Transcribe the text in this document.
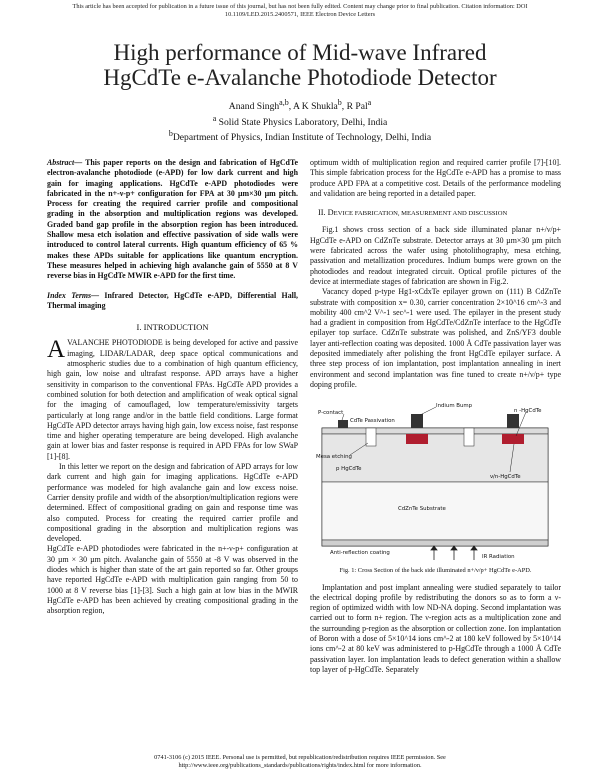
This article has been accepted for publication in a future issue of this journal, but has not been fully edited. Content may change prior to final publication. Citation information: DOI
10.1109/LED.2015.2400571, IEEE Electron Device Letters
High performance of Mid-wave Infrared
HgCdTe e-Avalanche Photodiode Detector
Anand Singh$^{a,b}$, A K Shukla$^b$, R Pal$^a$
$^a$ Solid State Physics Laboratory, Delhi, India
$^b$Department of Physics, Indian Institute of Technology, Delhi, India

Abstract— This paper reports on the design and fabrication of HgCdTe electron-avalanche photodiode (e-APD) for low dark current and high gain for imaging applications. HgCdTe e-APD photodiodes were fabricated in the n+-ν-p+ configuration for FPA at 30 µm×30 µm pitch. Process for creating the required carrier profile and compositional grading in the absorption and multiplication regions was developed. Graded band gap profile in the absorption region has been introduced. Shallow mesa etch isolation and effective passivation of side walls were introduced to control lateral currents. High quantum efficiency of 65 % makes these APDs suitable for applications like quantum encryption. These measures helped in achieving high avalanche gain of 5550 at 8 V reverse bias in HgCdTe MWIR e-APD for the first time.

Index Terms— Infrared Detector, HgCdTe e-APD, Differential Hall, Thermal imaging

I. INTRODUCTION

AVALANCHE PHOTODIODE is being developed for active and passive imaging, LIDAR/LADAR, deep space optical communications and atmospheric studies due to a combination of high quantum efficiency, high gain, low noise and ultrafast response. APD arrays have a higher sensitivity in comparison to the conventional FPAs. HgCdTe APD provides a combined solution for both detection and amplification of weak optical signal for the imaging of camouflaged, low temperature/emissivity targets particularly at long range and/or in the battle field conditions. Large format HgCdTe APD detector arrays having high gain, low excess noise, fast response time and higher operating temperature are being developed. High avalanche gain at lower bias and faster response is required in APD FPAs for low SWaP [1]-[8].

In this letter we report on the design and fabrication of APD arrays for low dark current and high gain for imaging applications. HgCdTe e-APD performance was modeled for high avalanche gain and low excess noise. Carrier density profile and width of the absorption/multiplication regions were determined. Effect of compositional grading on gain and response time was also computed. Process for creating the required carrier profile and compositional grading in the absorption and multiplication regions was developed.

HgCdTe e-APD photodiodes were fabricated in the n+-ν-p+ configuration at 30 µm × 30 µm pitch. Avalanche gain of 5550 at -8 V was observed in the diodes which is higher than state of the art gain reported so far. Other groups have reported HgCdTe e-APD with multiplication gain ranging from 50 to 1000 at 8 V reverse bias [1]-[3]. Such a high gain at low bias in the MWIR HgCdTe e-APD has been achieved by creating compositional grading in the absorption region,

optimum width of multiplication region and required carrier profile [7]-[10]. This simple fabrication process for the HgCdTe e-APD has a promise to mass produce APD FPA at a competitive cost. Details of the performance modeling and validation are being reported in a detailed paper.

II. DEVICE FABRICATION, MEASUREMENT AND DISCUSSION

Fig.1 shows cross section of a back side illuminated planar n+/ν/p+ HgCdTe e-APD on CdZnTe substrate. Detector arrays at 30 µm×30 µm pitch were fabricated across the wafer using photolithography, mesa etching, passivation and metallization procedures. Indium bumps were grown on the photodiodes and readout integrated circuit. Optical profile pictures of the device at intermediate stages of fabrication are shown in Fig.2.

Vacancy doped p-type Hg1-xCdxTe epilayer grown on (111) B CdZnTe substrate with composition x= 0.30, carrier concentration 2×10^16 cm^-3 and mobility 400 cm^2 V^-1 sec^-1 were used. The epilayer in the present study had a gradient in composition from HgCdTe/CdZnTe interface to the HgCdTe epilayer top surface. CdZnTe substrate was polished, and ZnS/YF3 double layer anti-reflection coating was deposited. 1000 Å CdTe passivation layer was deposited immediately after polishing the front HgCdTe epilayer surface. A three step process of ion implantation, post implantation annealing in inert environment and second implantation was fine tuned to create n+/ν/p+ type doping profile.

Indium Bump
n -HgCdTe
P-contact
CdTe Passivation
Mesa etching
ν/n-HgCdTe
p HgCdTe
CdZnTe Substrate
Anti-reflection coating
IR Radiation

Fig. 1: Cross Section of the back side illuminated n+/ν/p+ HgCdTe e-APD.

Implantation and post implant annealing were studied separately to tailor the electrical doping profile by redistributing the donors so as to form a ν-region of optimized width with low ND-NA doping. Second implantation was carried out to form n+ region. The ν-region acts as a multiplication zone and the surrounding p-region as the absorption or collection zone. Ion implantation of Boron with a dose of 5×10^14 ions cm^-2 at 180 keV followed by 5×10^14 ions cm^-2 at 80 keV was administered to p-HgCdTe through a 1000 Å CdTe passivation layer. Ion implantation leads to defect generation within a shallow top layer of p-HgCdTe. Separately

0741-3106 (c) 2015 IEEE. Personal use is permitted, but republication/redistribution requires IEEE permission. See
http://www.ieee.org/publications_standards/publications/rights/index.html for more information.
